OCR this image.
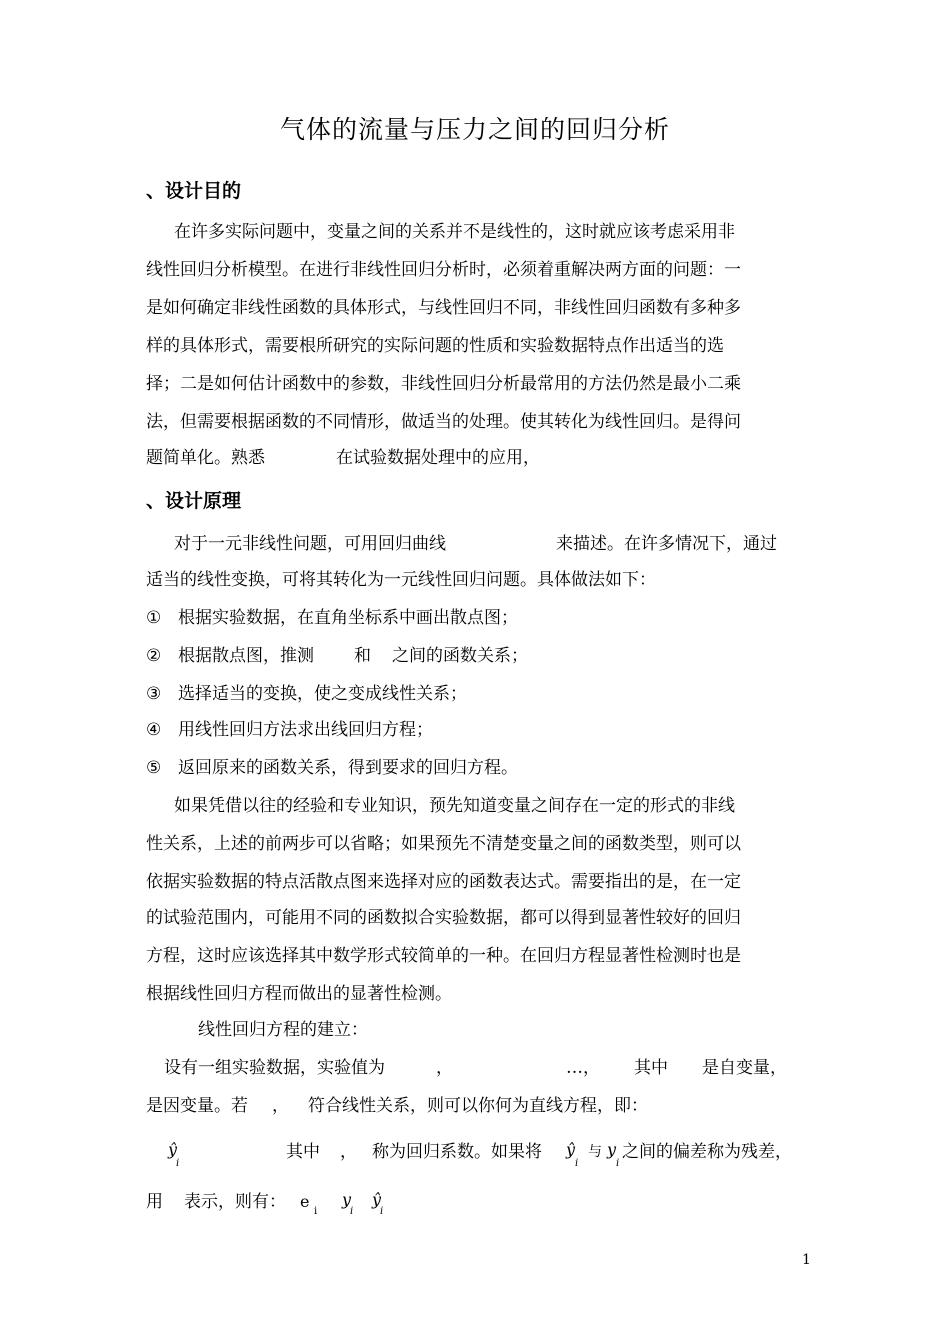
气体的流量与压力之间的回归分析
、设计目的
在许多实际问题中，变量之间的关系并不是线性的，这时就应该考虑采用非
线性回归分析模型。在进行非线性回归分析时，必须着重解决两方面的问题：一
是如何确定非线性函数的具体形式，与线性回归不同，非线性回归函数有多种多
样的具体形式，需要根所研究的实际问题的性质和实验数据特点作出适当的选
择；二是如何估计函数中的参数，非线性回归分析最常用的方法仍然是最小二乘
法，但需要根据函数的不同情形，做适当的处理。使其转化为线性回归。是得问
题简单化。熟悉	在试验数据处理中的应用，
、设计原理
对于一元非线性问题，可用回归曲线	来描述。在许多情况下，通过
适当的线性变换，可将其转化为一元线性回归问题。具体做法如下：
① 根据实验数据，在直角坐标系中画出散点图；
② 根据散点图，推测 和 之间的函数关系；
③ 选择适当的变换，使之变成线性关系；
④ 用线性回归方法求出线回归方程；
⑤ 返回原来的函数关系，得到要求的回归方程。
如果凭借以往的经验和专业知识，预先知道变量之间存在一定的形式的非线
性关系，上述的前两步可以省略；如果预先不清楚变量之间的函数类型，则可以
依据实验数据的特点活散点图来选择对应的函数表达式。需要指出的是，在一定
的试验范围内，可能用不同的函数拟合实验数据，都可以得到显著性较好的回归
方程，这时应该选择其中数学形式较简单的一种。在回归方程显著性检测时也是
根据线性回归方程而做出的显著性检测。
线性回归方程的建立：
设有一组实验数据，实验值为	，	…， 其中 是自变量，
是因变量。若 ， 符合线性关系，则可以你何为直线方程，即：
ŷ
i
其中 ， 称为回归系数。如果将 ŷ
i
与 y
i
之间的偏差称为残差，
用 表示，则有： e
i
y
i
ŷ
i
1
